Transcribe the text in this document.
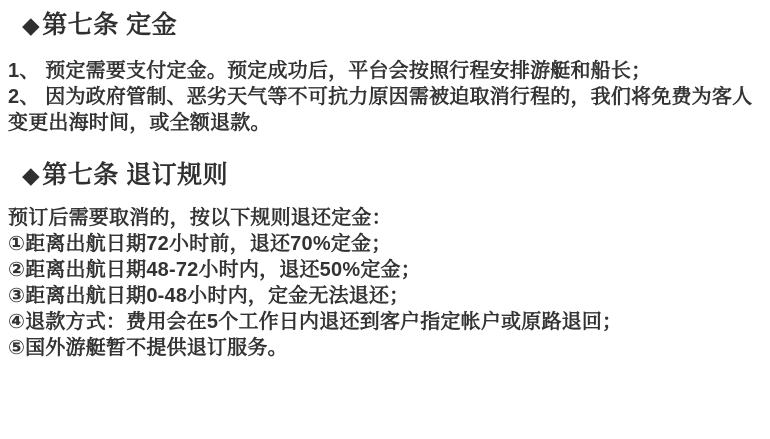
◆ 第七条 定金

1、 预定需要支付定金。预定成功后，平台会按照行程安排游艇和船长；

2、 因为政府管制、恶劣天气等不可抗力原因需被迫取消行程的，我们将免费为客人变更出海时间，或全额退款。

◆ 第七条 退订规则

预订后需要取消的，按以下规则退还定金：

①距离出航日期72小时前，退还70%定金；

②距离出航日期48-72小时内，退还50%定金；

③距离出航日期0-48小时内，定金无法退还；

④退款方式：费用会在5个工作日内退还到客户指定帐户或原路退回；

⑤国外游艇暂不提供退订服务。
